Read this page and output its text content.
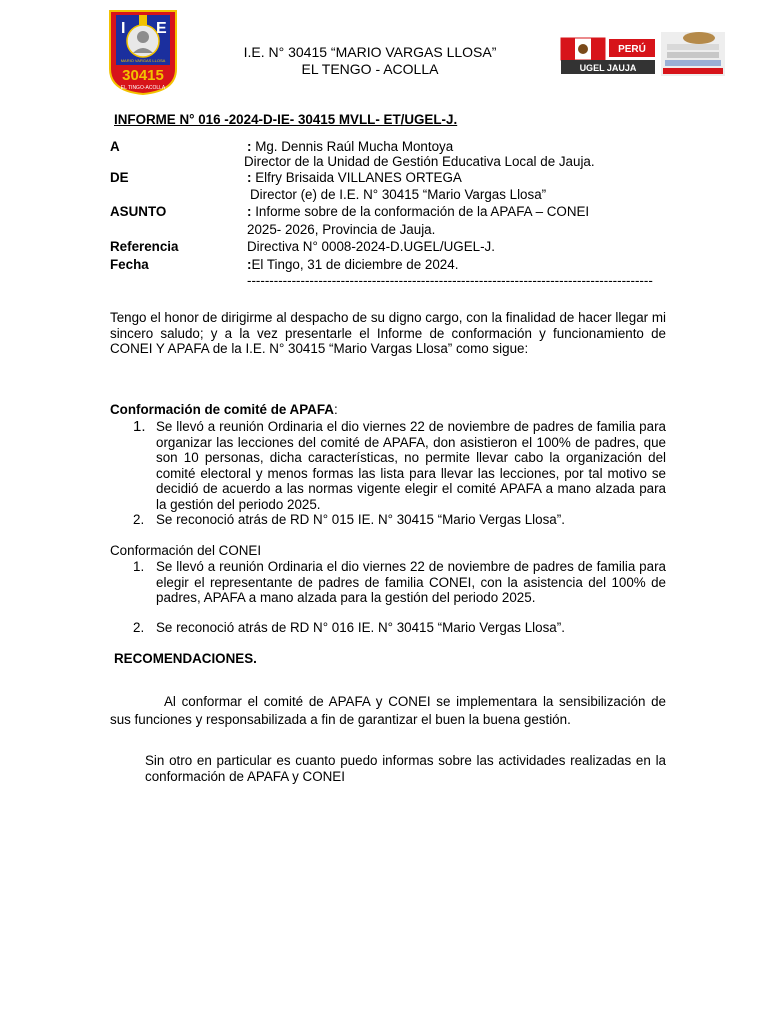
I E
30415
EL TINGO-ACOLLA
MARIO VARGAS LLOSA
I.E. N° 30415 “MARIO VARGAS LLOSA”
EL TENGO - ACOLLA
PERÚ
UGEL JAUJA
INFORME N° 016 -2024-D-IE- 30415 MVLL- ET/UGEL-J.
A	: Mg. Dennis Raúl Mucha Montoya
Director de la Unidad de Gestión Educativa Local de Jauja.
DE	: Elfry Brisaida VILLANES ORTEGA
Director (e) de I.E. N° 30415 “Mario Vargas Llosa”
ASUNTO	: Informe sobre de la conformación de la APAFA – CONEI
2025- 2026, Provincia de Jauja.
Referencia	Directiva N° 0008-2024-D.UGEL/UGEL-J.
Fecha	:El Tingo, 31 de diciembre de 2024.
-------------------------------------------------------------------------------------------

Tengo el honor de dirigirme al despacho de su digno cargo, con la finalidad de hacer llegar mi sincero saludo; y a la vez presentarle el Informe de conformación y funcionamiento de CONEI Y APAFA de la I.E. N° 30415 “Mario Vargas Llosa” como sigue:

Conformación de comité de APAFA:
1. Se llevó a reunión Ordinaria el dio viernes 22 de noviembre de padres de familia para organizar las lecciones del comité de APAFA, don asistieron el 100% de padres, que son 10 personas, dicha características, no permite llevar cabo la organización del comité electoral y menos formas las lista para llevar las lecciones, por tal motivo se decidió de acuerdo a las normas vigente elegir el comité APAFA a mano alzada para la gestión del periodo 2025.

2. Se reconoció atrás de RD N° 015 IE. N° 30415 “Mario Vergas Llosa”.

Conformación del CONEI
1. Se llevó a reunión Ordinaria el dio viernes 22 de noviembre de padres de familia para elegir el representante de padres de familia CONEI, con la asistencia del 100% de padres, APAFA a mano alzada para la gestión del periodo 2025.

2. Se reconoció atrás de RD N° 016 IE. N° 30415 “Mario Vergas Llosa”.

RECOMENDACIONES.

Al conformar el comité de APAFA y CONEI se implementara la sensibilización de sus funciones y responsabilizada a fin de garantizar el buen la buena gestión.

Sin otro en particular es cuanto puedo informas sobre las actividades realizadas en la conformación de APAFA y CONEI
